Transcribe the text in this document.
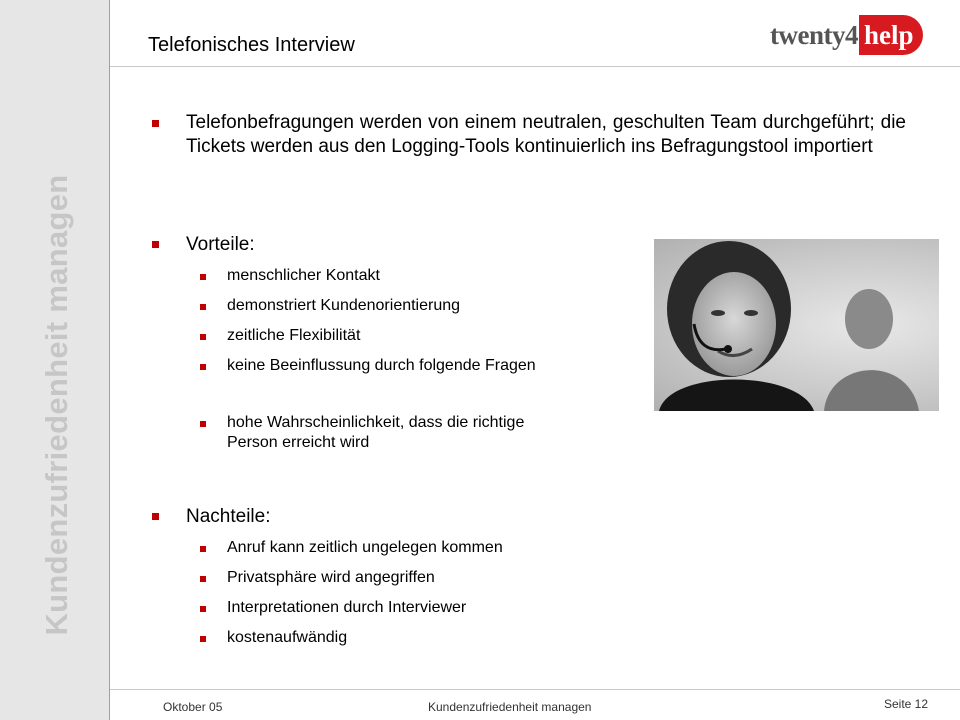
Kundenzufriedenheit managen
Telefonisches Interview	twenty4 help
Telefonbefragungen werden von einem neutralen, geschulten Team durchgeführt; die Tickets werden aus den Logging-Tools kontinuierlich ins Befragungstool importiert
Vorteile:
menschlicher Kontakt
demonstriert Kundenorientierung
zeitliche Flexibilität
keine Beeinflussung durch folgende Fragen
hohe Wahrscheinlichkeit, dass die richtige Person erreicht wird
Nachteile:
Anruf kann zeitlich ungelegen kommen
Privatsphäre wird angegriffen
Interpretationen durch Interviewer
kostenaufwändig
Oktober 05	Kundenzufriedenheit managen	Seite 12
